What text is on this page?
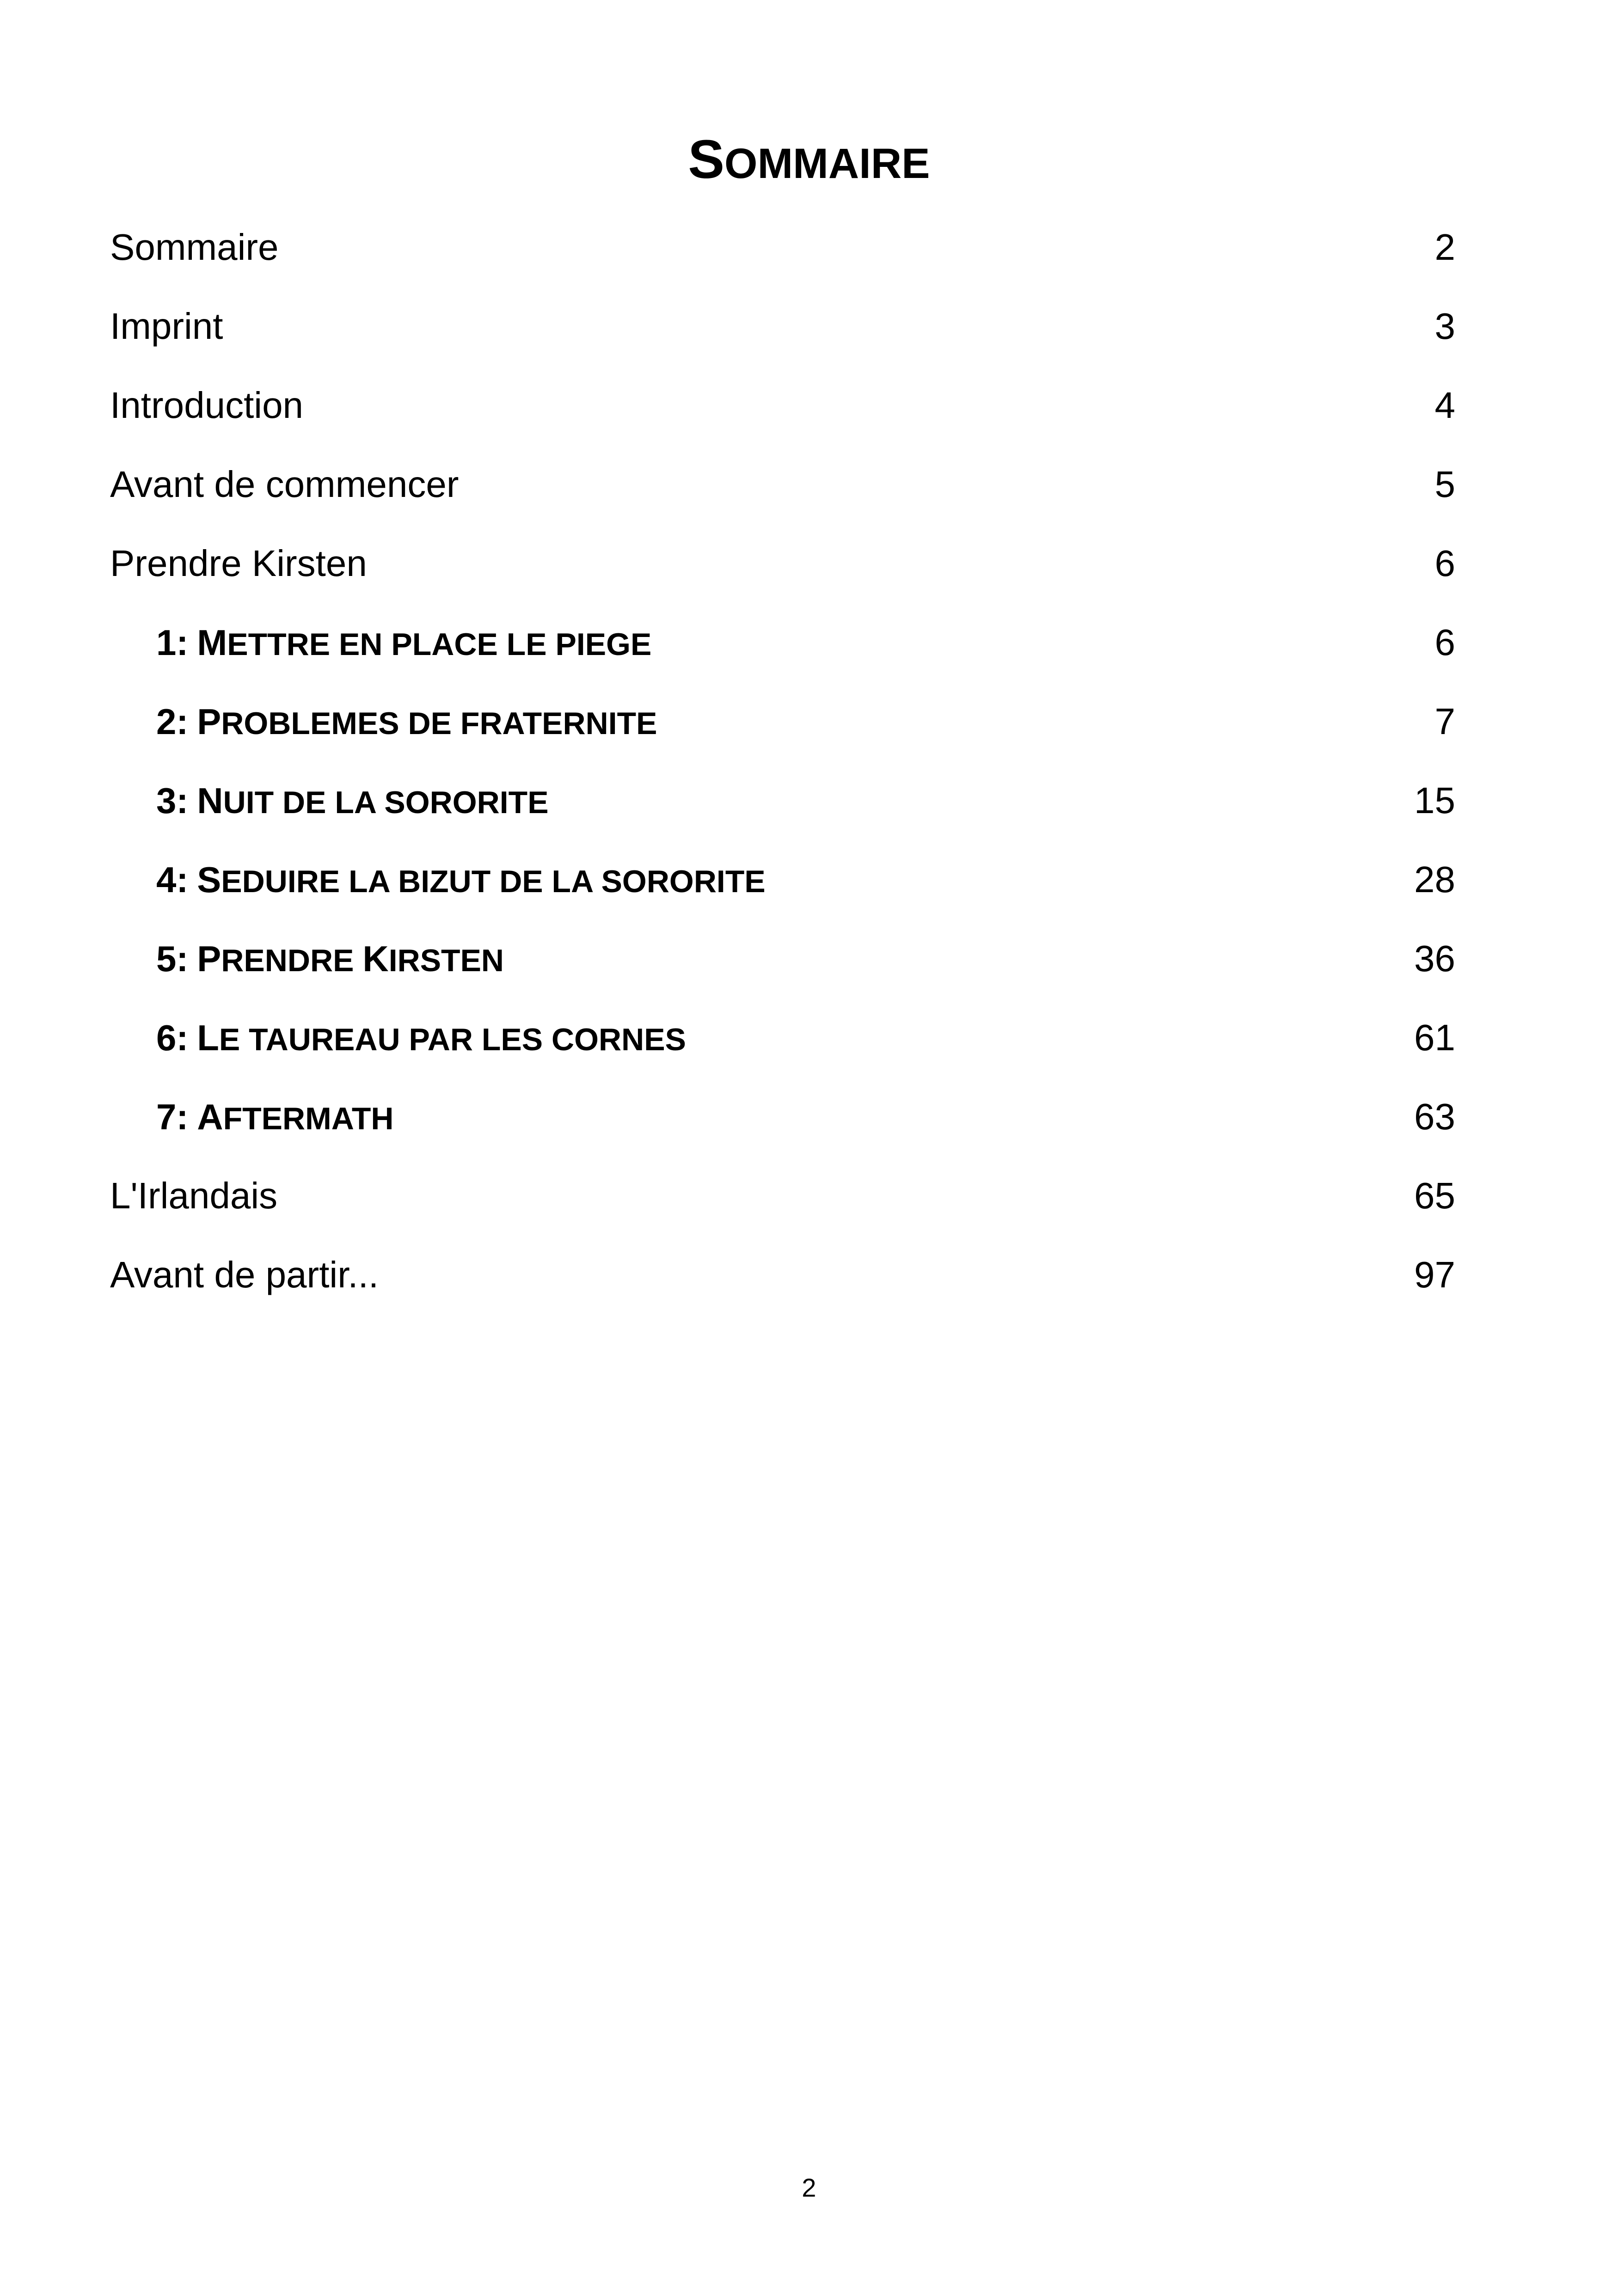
SOMMAIRE
Sommaire .....	2
Imprint .....	3
Introduction .....	4
Avant de commencer .....	5
Prendre Kirsten .....	6
1: METTRE EN PLACE LE PIEGE .....	6
2: PROBLEMES DE FRATERNITE .....	7
3: NUIT DE LA SORORITE .....	15
4: SEDUIRE LA BIZUT DE LA SORORITE .....	28
5: PRENDRE KIRSTEN .....	36
6: LE TAUREAU PAR LES CORNES .....	61
7: AFTERMATH .....	63
L'Irlandais .....	65
Avant de partir... .....	97
2
